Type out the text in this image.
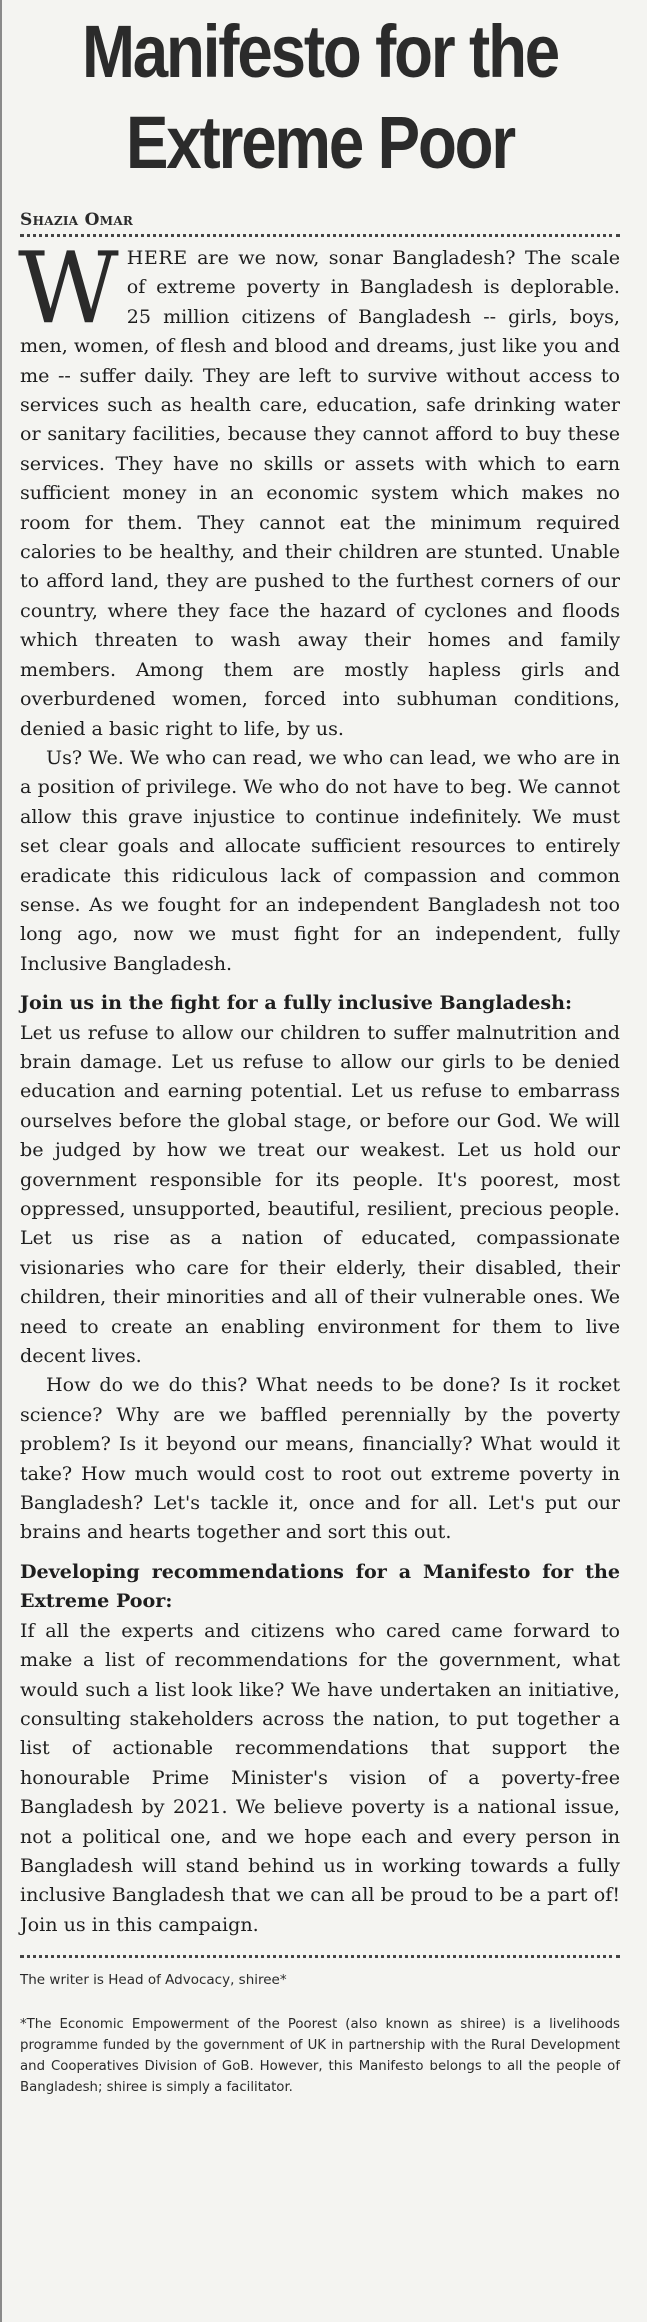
Manifesto for the
Extreme Poor
Shazia Omar

WHERE are we now, sonar Bangladesh? The scale of extreme poverty in Bangladesh is deplorable. 25 million citizens of Bangladesh -- girls, boys, men, women, of flesh and blood and dreams, just like you and me -- suffer daily. They are left to survive without access to services such as health care, education, safe drinking water or sanitary facilities, because they cannot afford to buy these services. They have no skills or assets with which to earn sufficient money in an economic system which makes no room for them. They cannot eat the minimum required calories to be healthy, and their children are stunted. Unable to afford land, they are pushed to the furthest corners of our country, where they face the hazard of cyclones and floods which threaten to wash away their homes and family members. Among them are mostly hapless girls and overburdened women, forced into subhuman conditions, denied a basic right to life, by us.

Us? We. We who can read, we who can lead, we who are in a position of privilege. We who do not have to beg. We cannot allow this grave injustice to continue indefinitely. We must set clear goals and allocate sufficient resources to entirely eradicate this ridiculous lack of compassion and common sense. As we fought for an independent Bangladesh not too long ago, now we must fight for an independent, fully Inclusive Bangladesh.

Join us in the fight for a fully inclusive Bangladesh:

Let us refuse to allow our children to suffer malnutrition and brain damage. Let us refuse to allow our girls to be denied education and earning potential. Let us refuse to embarrass ourselves before the global stage, or before our God. We will be judged by how we treat our weakest. Let us hold our government responsible for its people. It's poorest, most oppressed, unsupported, beautiful, resilient, precious people. Let us rise as a nation of educated, compassionate visionaries who care for their elderly, their disabled, their children, their minorities and all of their vulnerable ones. We need to create an enabling environment for them to live decent lives.

How do we do this? What needs to be done? Is it rocket science? Why are we baffled perennially by the poverty problem? Is it beyond our means, financially? What would it take? How much would cost to root out extreme poverty in Bangladesh? Let's tackle it, once and for all. Let's put our brains and hearts together and sort this out.

Developing recommendations for a Manifesto for the Extreme Poor:

If all the experts and citizens who cared came forward to make a list of recommendations for the government, what would such a list look like? We have undertaken an initiative, consulting stakeholders across the nation, to put together a list of actionable recommendations that support the honourable Prime Minister's vision of a poverty-free Bangladesh by 2021. We believe poverty is a national issue, not a political one, and we hope each and every person in Bangladesh will stand behind us in working towards a fully inclusive Bangladesh that we can all be proud to be a part of! Join us in this campaign.

The writer is Head of Advocacy, shiree*
*The Economic Empowerment of the Poorest (also known as shiree) is a livelihoods programme funded by the government of UK in partnership with the Rural Development and Cooperatives Division of GoB. However, this Manifesto belongs to all the people of Bangladesh; shiree is simply a facilitator.
